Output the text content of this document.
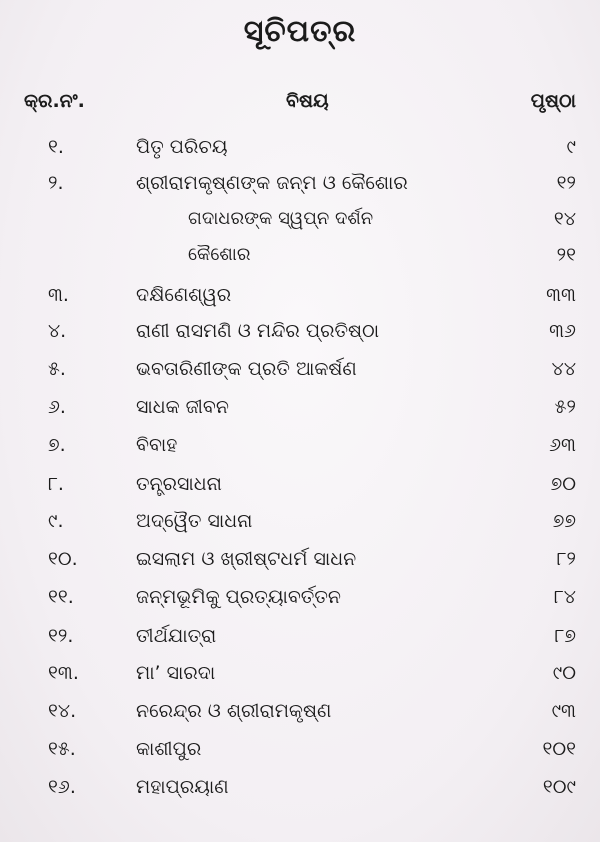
ସୂଚିପତ୍ର
କ୍ର.ନଂ.	ବିଷୟ	ପୃଷ୍ଠା
୧.	ପିତୃ ପରିଚୟ	୯
୨.	ଶ୍ରୀରାମକୃଷ୍ଣଙ୍କ ଜନ୍ମ ଓ କୈଶୋର	୧୨
ଗଦାଧରଙ୍କ ସ୍ୱପ୍ନ ଦର୍ଶନ	୧୪
କୈଶୋର	୨୧
୩.	ଦକ୍ଷିଣେଶ୍ୱର	୩୩
୪.	ରାଣୀ ରାସମଣି ଓ ମନ୍ଦିର ପ୍ରତିଷ୍ଠା	୩୬
୫.	ଭବତାରିଣୀଙ୍କ ପ୍ରତି ଆକର୍ଷଣ	୪୪
୬.	ସାଧକ ଜୀବନ	୫୨
୭.	ବିବାହ	୬୩
୮.	ତନ୍ତ୍ରସାଧନା	୭୦
୯.	ଅଦ୍ୱୈତ ସାଧନା	୭୭
୧୦.	ଇସଲାମ ଓ ଖ୍ରୀଷ୍ଟଧର୍ମ ସାଧନ	୮୨
୧୧.	ଜନ୍ମଭୂମିକୁ ପ୍ରତ୍ୟାବର୍ତ୍ତନ	୮୪
୧୨.	ତୀର୍ଥଯାତ୍ରା	୮୭
୧୩.	ମା’ ସାରଦା	୯୦
୧୪.	ନରେନ୍ଦ୍ର ଓ ଶ୍ରୀରାମକୃଷ୍ଣ	୯୩
୧୫.	କାଶୀପୁର	୧୦୧
୧୬.	ମହାପ୍ରୟାଣ	୧୦୯
